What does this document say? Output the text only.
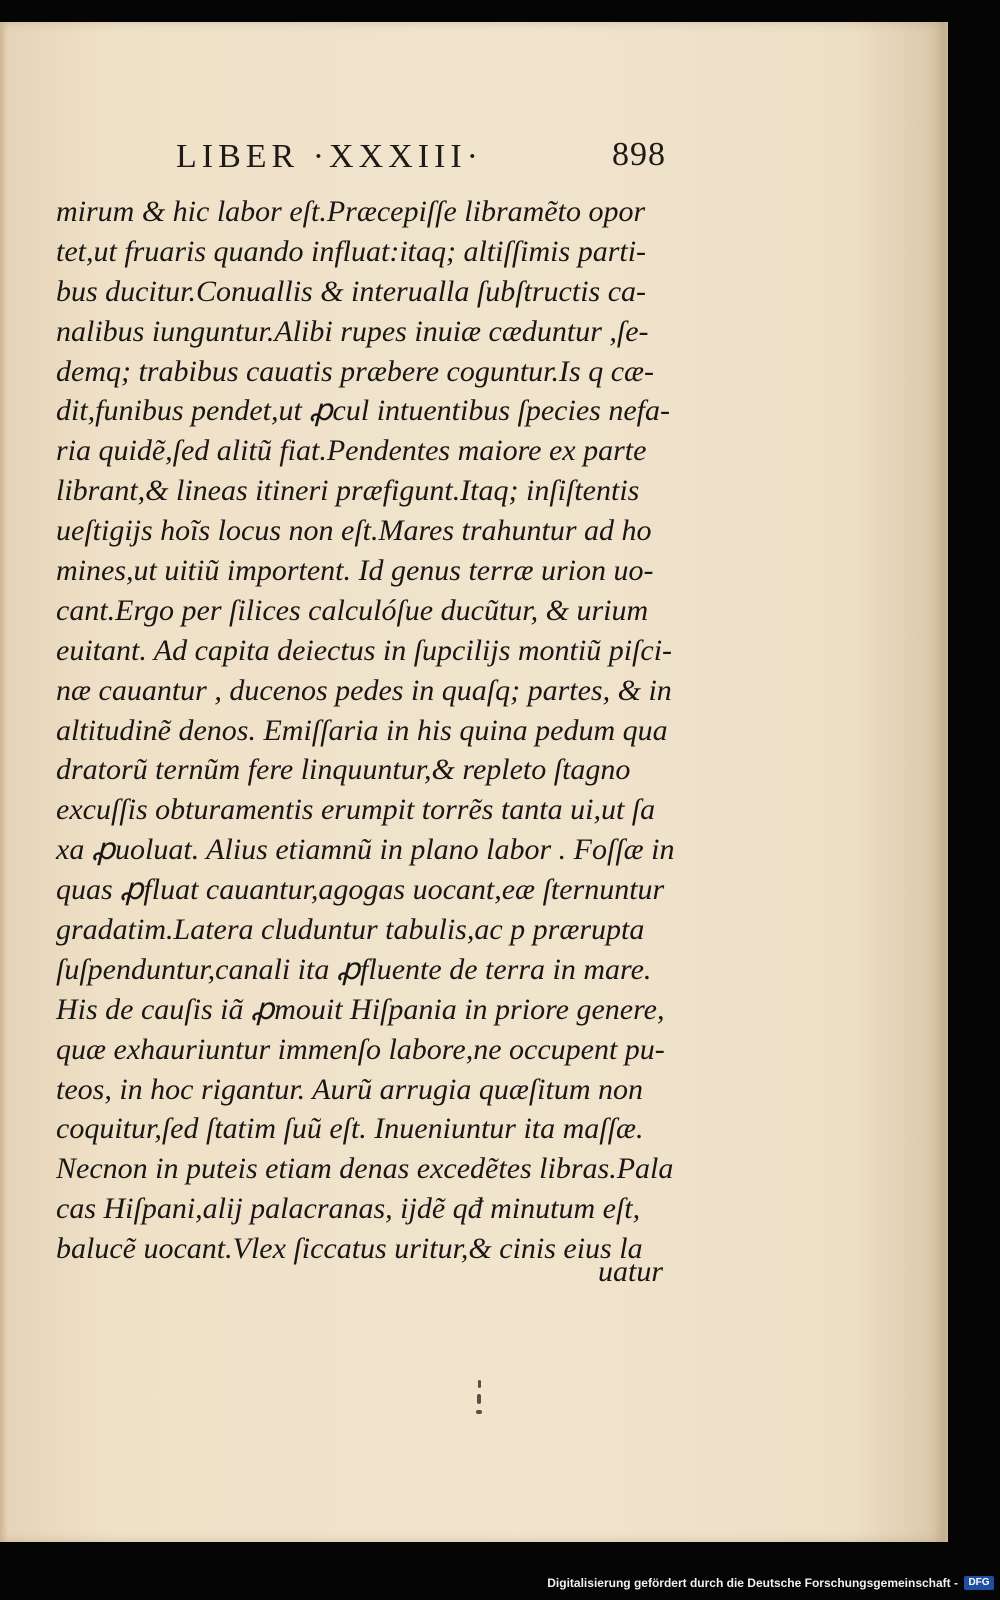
LIBER ·XXXIII·	898
mirum & hic labor eſt.Præcepiſſe libramẽto opor
tet,ut fruaris quando influat:itaq; altiſſimis parti-
bus ducitur.Conuallis & interualla ſubſtructis ca-
nalibus iunguntur.Alibi rupes inuiæ cæduntur ,ſe-
demq; trabibus cauatis præbere coguntur.Is q cæ-
dit,funibus pendet,ut ꝓcul intuentibus ſpecies nefa-
ria quidẽ,ſed alitũ fiat.Pendentes maiore ex parte
librant,& lineas itineri præfigunt.Itaq; inſiſtentis
ueſtigijs hoĩs locus non eſt.Mares trahuntur ad ho
mines,ut uitiũ importent. Id genus terræ urion uo-
cant.Ergo per ſilices calculóſue ducũtur, & urium
euitant. Ad capita deiectus in ſupcilijs montiũ piſci-
næ cauantur , ducenos pedes in quaſq; partes, & in
altitudinẽ denos. Emiſſaria in his quina pedum qua
dratorũ ternũm fere linquuntur,& repleto ſtagno
excuſſis obturamentis erumpit torrẽs tanta ui,ut ſa
xa ꝓuoluat. Alius etiamnũ in plano labor . Foſſæ in
quas ꝓfluat cauantur,agogas uocant,eæ ſternuntur
gradatim.Latera cluduntur tabulis,ac p prærupta
ſuſpenduntur,canali ita ꝓfluente de terra in mare.
His de cauſis iã ꝓmouit Hiſpania in priore genere,
quæ exhauriuntur immenſo labore,ne occupent pu-
teos, in hoc rigantur. Aurũ arrugia quæſitum non
coquitur,ſed ſtatim ſuũ eſt. Inueniuntur ita maſſæ.
Necnon in puteis etiam denas excedẽtes libras.Pala
cas Hiſpani,alij palacranas, ijdẽ qđ minutum eſt,
balucẽ uocant.Vlex ſiccatus uritur,& cinis eius la
uatur
Digitalisierung gefördert durch die Deutsche Forschungsgemeinschaft -	DFG
